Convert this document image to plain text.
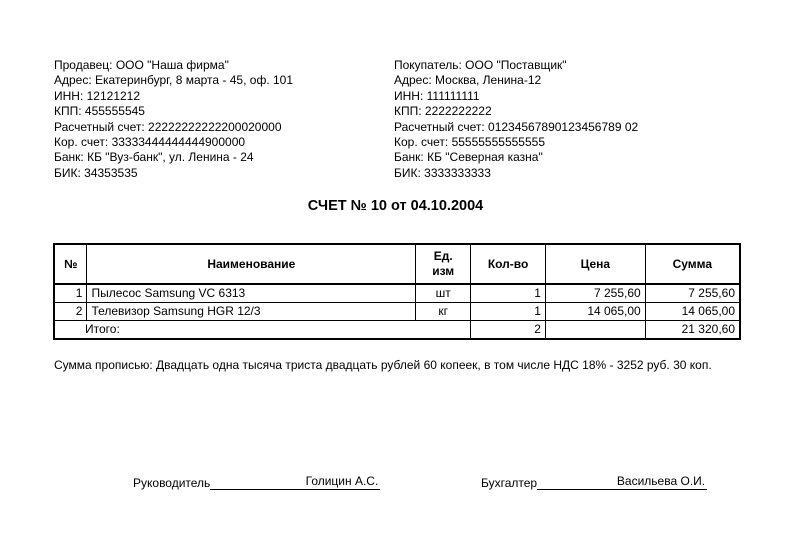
Продавец: ООО "Наша фирма"
Адрес: Екатеринбург, 8 марта - 45, оф. 101
ИНН: 12121212
КПП: 455555545
Расчетный счет: 22222222222200020000
Кор. счет: 33333444444444900000
Банк: КБ "Вуз-банк", ул. Ленина - 24
БИК: 34353535
Покупатель: ООО "Поставщик"
Адрес: Москва, Ленина-12
ИНН: 111111111
КПП: 2222222222
Расчетный счет: 01234567890123456789 02
Кор. счет: 55555555555555
Банк: КБ "Северная казна"
БИК: 3333333333
СЧЕТ № 10 от 04.10.2004
№	Наименование	Ед. изм	Кол-во	Цена	Сумма
1	Пылесос Samsung VC 6313	шт	1	7 255,60	7 255,60
2	Телевизор Samsung HGR 12/3	кг	1	14 065,00	14 065,00
Итого:			2		21 320,60
Сумма прописью: Двадцать одна тысяча триста двадцать рублей 60 копеек, в том числе НДС 18% - 3252 руб. 30 коп.
Руководитель	Голицин А.С.	Бухгалтер	Васильева О.И.
